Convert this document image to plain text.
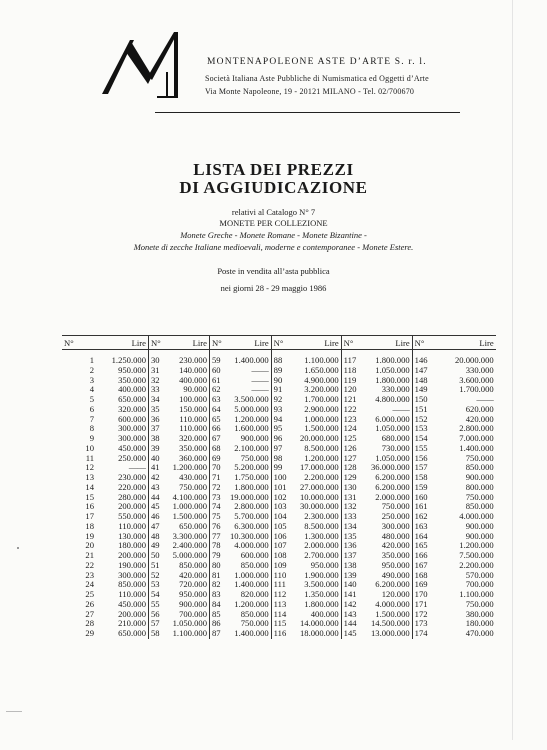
MONTENAPOLEONE ASTE D’ARTE S. r. l.
Società Italiana Aste Pubbliche di Numismatica ed Oggetti d’Arte
Via Monte Napoleone, 19 - 20121 MILANO - Tel. 02/700670
LISTA DEI PREZZI
DI AGGIUDICAZIONE
relativi al Catalogo N° 7
MONETE PER COLLEZIONE
Monete Greche - Monete Romane - Monete Bizantine -
Monete di zecche Italiane medioevali, moderne e contemporanee - Monete Estere.
Poste in vendita all’asta pubblica
nei giorni 28 - 29 maggio 1986
N°	Lire	N°	Lire	N°	Lire	N°	Lire	N°	Lire	N°	Lire

1	1.250.000	30	230.000	59	1.400.000	88	1.100.000	117	1.800.000	146	20.000.000
2	950.000	31	140.000	60	——	89	1.650.000	118	1.050.000	147	330.000
3	350.000	32	400.000	61	——	90	4.900.000	119	1.800.000	148	3.600.000
4	400.000	33	90.000	62	——	91	3.200.000	120	330.000	149	1.700.000
5	650.000	34	100.000	63	3.500.000	92	1.700.000	121	4.800.000	150	——
6	320.000	35	150.000	64	5.000.000	93	2.900.000	122	——	151	620.000
7	600.000	36	110.000	65	1.200.000	94	1.000.000	123	6.000.000	152	420.000
8	300.000	37	110.000	66	1.600.000	95	1.500.000	124	1.050.000	153	2.800.000
9	300.000	38	320.000	67	900.000	96	20.000.000	125	680.000	154	7.000.000
10	450.000	39	350.000	68	2.100.000	97	8.500.000	126	730.000	155	1.400.000
11	250.000	40	360.000	69	750.000	98	1.200.000	127	1.050.000	156	750.000
12	——	41	1.200.000	70	5.200.000	99	17.000.000	128	36.000.000	157	850.000
13	230.000	42	430.000	71	1.750.000	100	2.200.000	129	6.200.000	158	900.000
14	220.000	43	750.000	72	1.800.000	101	27.000.000	130	6.200.000	159	800.000
15	280.000	44	4.100.000	73	19.000.000	102	10.000.000	131	2.000.000	160	750.000
16	200.000	45	1.000.000	74	2.800.000	103	30.000.000	132	750.000	161	850.000
17	550.000	46	1.500.000	75	5.700.000	104	2.300.000	133	250.000	162	4.000.000
18	110.000	47	650.000	76	6.300.000	105	8.500.000	134	300.000	163	900.000
19	130.000	48	3.300.000	77	10.300.000	106	1.300.000	135	480.000	164	900.000
20	180.000	49	2.400.000	78	4.000.000	107	2.000.000	136	420.000	165	1.200.000
21	200.000	50	5.000.000	79	600.000	108	2.700.000	137	350.000	166	7.500.000
22	190.000	51	850.000	80	850.000	109	950.000	138	950.000	167	2.200.000
23	300.000	52	420.000	81	1.000.000	110	1.900.000	139	490.000	168	570.000
24	850.000	53	720.000	82	1.400.000	111	3.500.000	140	6.200.000	169	700.000
25	110.000	54	950.000	83	820.000	112	1.350.000	141	120.000	170	1.100.000
26	450.000	55	900.000	84	1.200.000	113	1.800.000	142	4.000.000	171	750.000
27	200.000	56	700.000	85	850.000	114	400.000	143	1.500.000	172	380.000
28	210.000	57	1.050.000	86	750.000	115	14.000.000	144	14.500.000	173	180.000
29	650.000	58	1.100.000	87	1.400.000	116	18.000.000	145	13.000.000	174	470.000
